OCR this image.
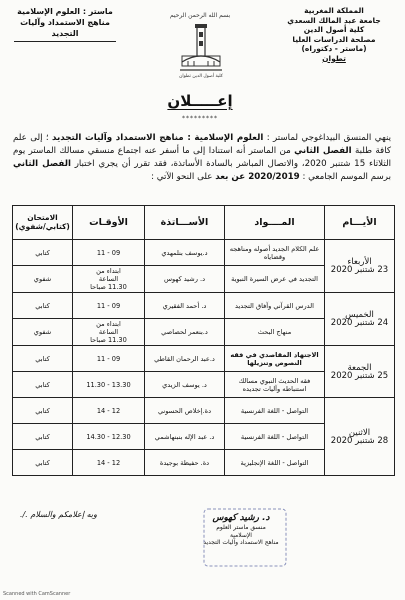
المملكة المغربية
جامعة عبد المالك السعدي
كلية أصول الدين
مصلحة الدراسات العليا
(ماستر - دكتوراه)
تطوان
ماستر : العلوم الإسلامية
مناهج الاستمداد وآليات التجديد
بسم الله الرحمن الرحيم
كلية أصول الدين تطوان
إعـــــلان
*********

ينهي المنسق البيداغوجي لماستر : العلوم الإسلامية : مناهج الاستمداد وآليات التجديد ؛ إلى علم كافة طلبة الفصل الثاني من الماستر أنه استنادا إلى ما أسفر عنه اجتماع منسقي مسالك الماستر يوم الثلاثاء 15 شتنبر 2020، والاتصال المباشر بالسادة الأساتذة، فقد تقرر أن يجري اختبار الفصل الثاني برسم الموسم الجامعي : 2020/2019 عن بعد على النحو الآتي :

الأيـــام	المــــواد	الأســـاتذة	الأوقـات	الامتحان (كتابي/شفوي)

الأربعاء
23 شتنبر 2020	علم الكلام الجديد أصوله ومناهجه وقضاياه	د.يوسف بنلمهدي	09 - 11	كتابي
	التجديد في عرض السيرة النبوية	د. رشيد كهوس	ابتداء من
الساعة
11.30 صباحا	شفوي

الخميس
24 شتنبر 2020	الدرس القرآني وآفاق التجديد	د. أحمد الفقيري	09 - 11	كتابي
	منهاج البحث	د.بنعمر لحصاصي	ابتداء من
الساعة
11.30 صباحا	شفوي

الجمعة
25 شتنبر 2020	الاجتهاد المقاصدي في فقه النصوص وتنزيلها	د.عبد الرحمان القاطي	09 - 11	كتابي
	فقه الحديث النبوي مسالك استنباطه وآليات تجديده	د. يوسف الزيدي	13.30 - 11.30	كتابي

الاثنين
28 شتنبر 2020	التواصل - اللغة الفرنسية	دة.إخلاص الحسوني	12 - 14	كتابي
	التواصل - اللغة الفرنسية	د. عبد الإله بنبنهاشمي	12.30 - 14.30	كتابي
	التواصل - اللغة الإنجليزية	دة. حفيظة بوجيدة	12 - 14	كتابي
وبه إعلامكم والسلام ./.	د. رشيد كهوس
منسق ماستر العلوم
الإسلامية
مناهج الاستمداد وآليات التجديد
Scanned with CamScanner
